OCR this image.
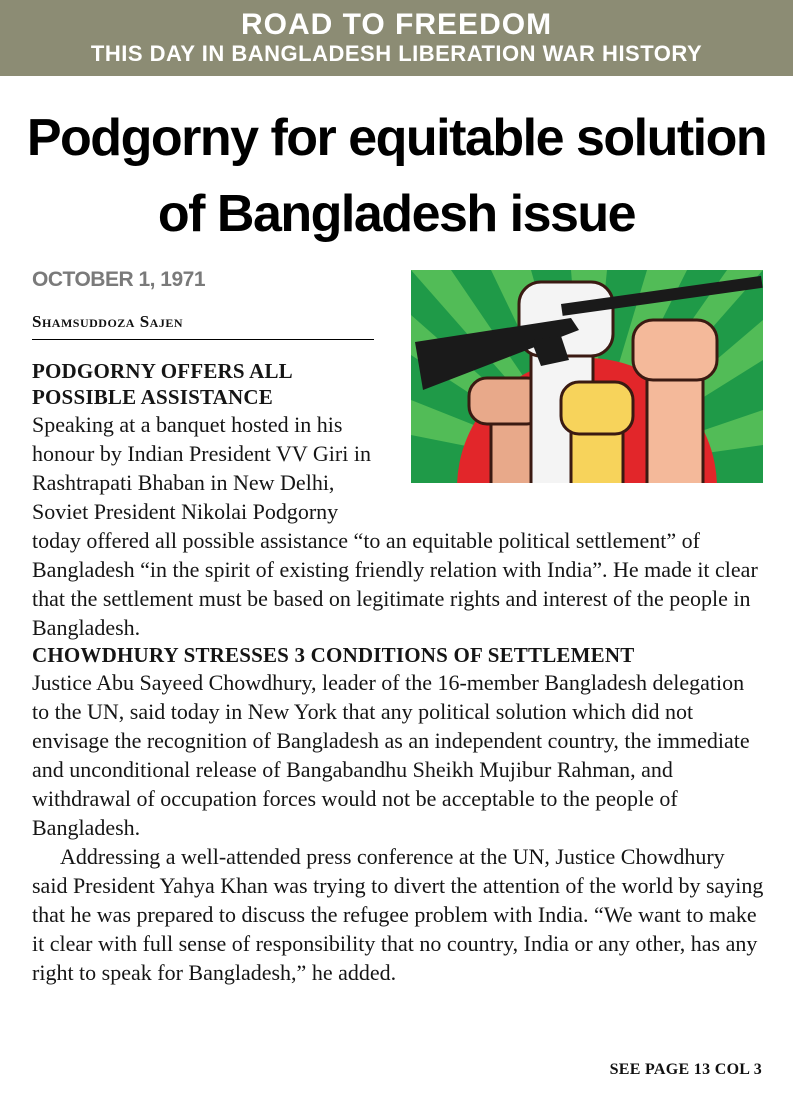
ROAD TO FREEDOM
THIS DAY IN BANGLADESH LIBERATION WAR HISTORY
Podgorny for equitable solution of Bangladesh issue
OCTOBER 1, 1971
Shamsuddoza Sajen
PODGORNY OFFERS ALL POSSIBLE ASSISTANCE

Speaking at a banquet hosted in his honour by Indian President VV Giri in Rashtrapati Bhaban in New Delhi, Soviet President Nikolai Podgorny today offered all possible assistance “to an equitable political settlement” of Bangladesh “in the spirit of existing friendly relation with India”. He made it clear that the settlement must be based on legitimate rights and interest of the people in Bangladesh.

CHOWDHURY STRESSES 3 CONDITIONS OF SETTLEMENT

Justice Abu Sayeed Chowdhury, leader of the 16-member Bangladesh delegation to the UN, said today in New York that any political solution which did not envisage the recognition of Bangladesh as an independent country, the immediate and unconditional release of Bangabandhu Sheikh Mujibur Rahman, and withdrawal of occupation forces would not be acceptable to the people of Bangladesh.

Addressing a well-attended press conference at the UN, Justice Chowdhury said President Yahya Khan was trying to divert the attention of the world by saying that he was prepared to discuss the refugee problem with India. “We want to make it clear with full sense of responsibility that no country, India or any other, has any right to speak for Bangladesh,” he added.

SEE PAGE 13 COL 3
